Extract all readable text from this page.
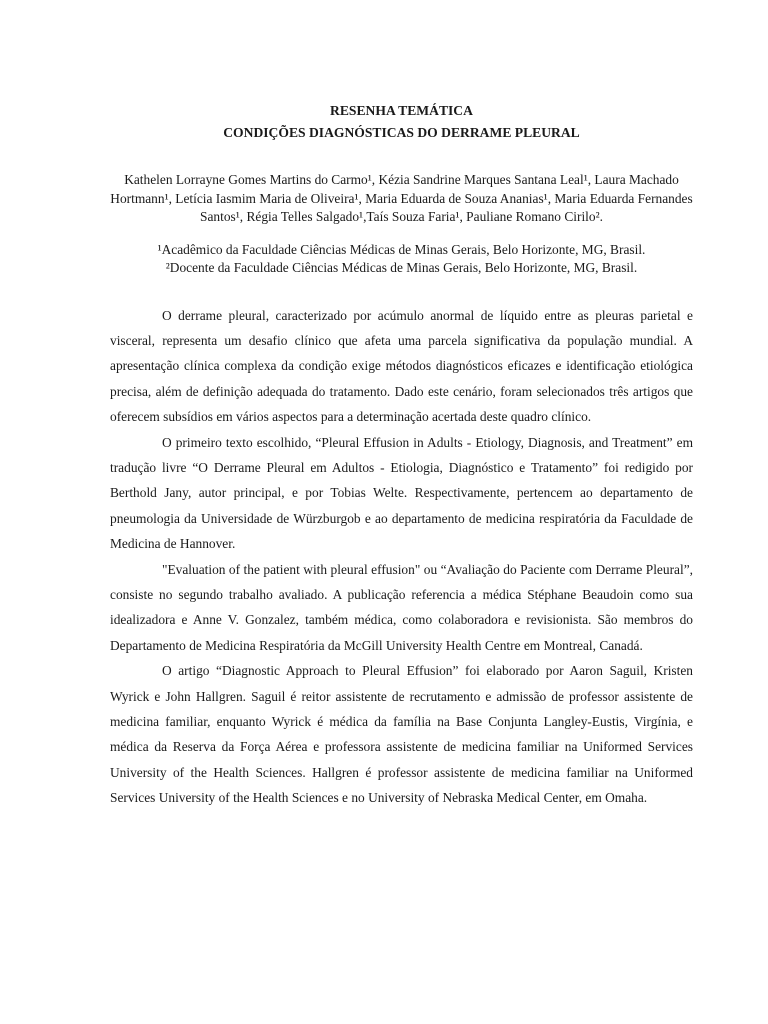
RESENHA TEMÁTICA
CONDIÇÕES DIAGNÓSTICAS DO DERRAME PLEURAL

Kathelen Lorrayne Gomes Martins do Carmo¹, Kézia Sandrine Marques Santana Leal¹, Laura Machado Hortmann¹, Letícia Iasmim Maria de Oliveira¹, Maria Eduarda de Souza Ananias¹, Maria Eduarda Fernandes Santos¹, Régia Telles Salgado¹,Taís Souza Faria¹, Pauliane Romano Cirilo².

¹Acadêmico da Faculdade Ciências Médicas de Minas Gerais, Belo Horizonte, MG, Brasil.
²Docente da Faculdade Ciências Médicas de Minas Gerais, Belo Horizonte, MG, Brasil.

O derrame pleural, caracterizado por acúmulo anormal de líquido entre as pleuras parietal e visceral, representa um desafio clínico que afeta uma parcela significativa da população mundial. A apresentação clínica complexa da condição exige métodos diagnósticos eficazes e identificação etiológica precisa, além de definição adequada do tratamento. Dado este cenário, foram selecionados três artigos que oferecem subsídios em vários aspectos para a determinação acertada deste quadro clínico.

O primeiro texto escolhido, “Pleural Effusion in Adults - Etiology, Diagnosis, and Treatment” em tradução livre “O Derrame Pleural em Adultos - Etiologia, Diagnóstico e Tratamento” foi redigido por Berthold Jany, autor principal, e por Tobias Welte. Respectivamente, pertencem ao departamento de pneumologia da Universidade de Würzburgob e ao departamento de medicina respiratória da Faculdade de Medicina de Hannover.

"Evaluation of the patient with pleural effusion" ou “Avaliação do Paciente com Derrame Pleural”, consiste no segundo trabalho avaliado. A publicação referencia a médica Stéphane Beaudoin como sua idealizadora e Anne V. Gonzalez, também médica, como colaboradora e revisionista. São membros do Departamento de Medicina Respiratória da McGill University Health Centre em Montreal, Canadá.

O artigo “Diagnostic Approach to Pleural Effusion” foi elaborado por Aaron Saguil, Kristen Wyrick e John Hallgren. Saguil é reitor assistente de recrutamento e admissão de professor assistente de medicina familiar, enquanto Wyrick é médica da família na Base Conjunta Langley-Eustis, Virgínia, e médica da Reserva da Força Aérea e professora assistente de medicina familiar na Uniformed Services University of the Health Sciences. Hallgren é professor assistente de medicina familiar na Uniformed Services University of the Health Sciences e no University of Nebraska Medical Center, em Omaha.
